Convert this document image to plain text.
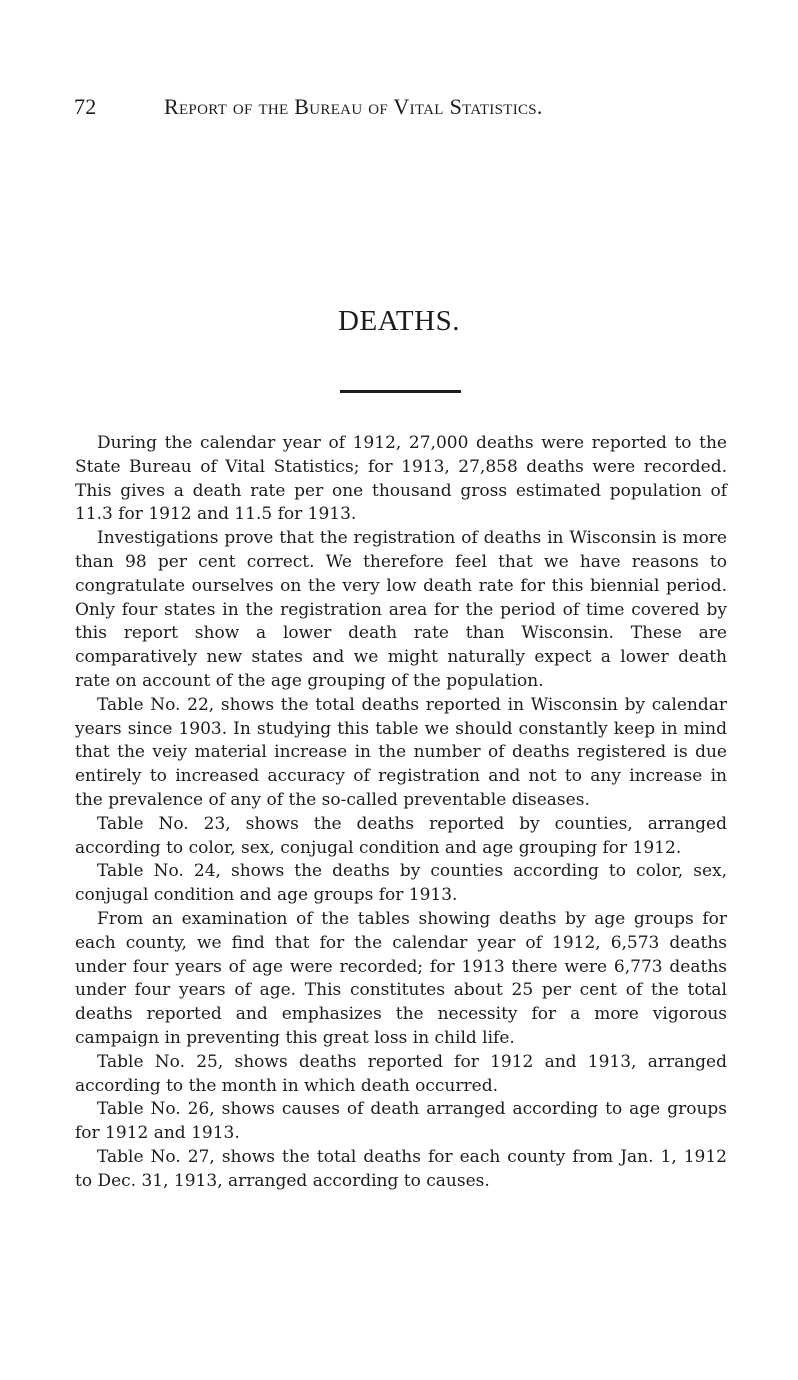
72	Report of the Bureau of Vital Statistics.
DEATHS.

During the calendar year of 1912, 27,000 deaths were reported to the State Bureau of Vital Statistics; for 1913, 27,858 deaths were recorded. This gives a death rate per one thousand gross estimated population of 11.3 for 1912 and 11.5 for 1913.

Investigations prove that the registration of deaths in Wisconsin is more than 98 per cent correct. We therefore feel that we have reasons to congratulate ourselves on the very low death rate for this biennial period. Only four states in the registration area for the period of time covered by this report show a lower death rate than Wisconsin. These are comparatively new states and we might naturally expect a lower death rate on account of the age grouping of the population.

Table No. 22, shows the total deaths reported in Wisconsin by calendar years since 1903. In studying this table we should constantly keep in mind that the veiy material increase in the number of deaths registered is due entirely to increased accuracy of registration and not to any increase in the prevalence of any of the so-called preventable diseases.

Table No. 23, shows the deaths reported by counties, arranged according to color, sex, conjugal condition and age grouping for 1912.

Table No. 24, shows the deaths by counties according to color, sex, conjugal condition and age groups for 1913.

From an examination of the tables showing deaths by age groups for each county, we find that for the calendar year of 1912, 6,573 deaths under four years of age were recorded; for 1913 there were 6,773 deaths under four years of age. This constitutes about 25 per cent of the total deaths reported and emphasizes the necessity for a more vigorous campaign in preventing this great loss in child life.

Table No. 25, shows deaths reported for 1912 and 1913, arranged according to the month in which death occurred.

Table No. 26, shows causes of death arranged according to age groups for 1912 and 1913.

Table No. 27, shows the total deaths for each county from Jan. 1, 1912 to Dec. 31, 1913, arranged according to causes.
